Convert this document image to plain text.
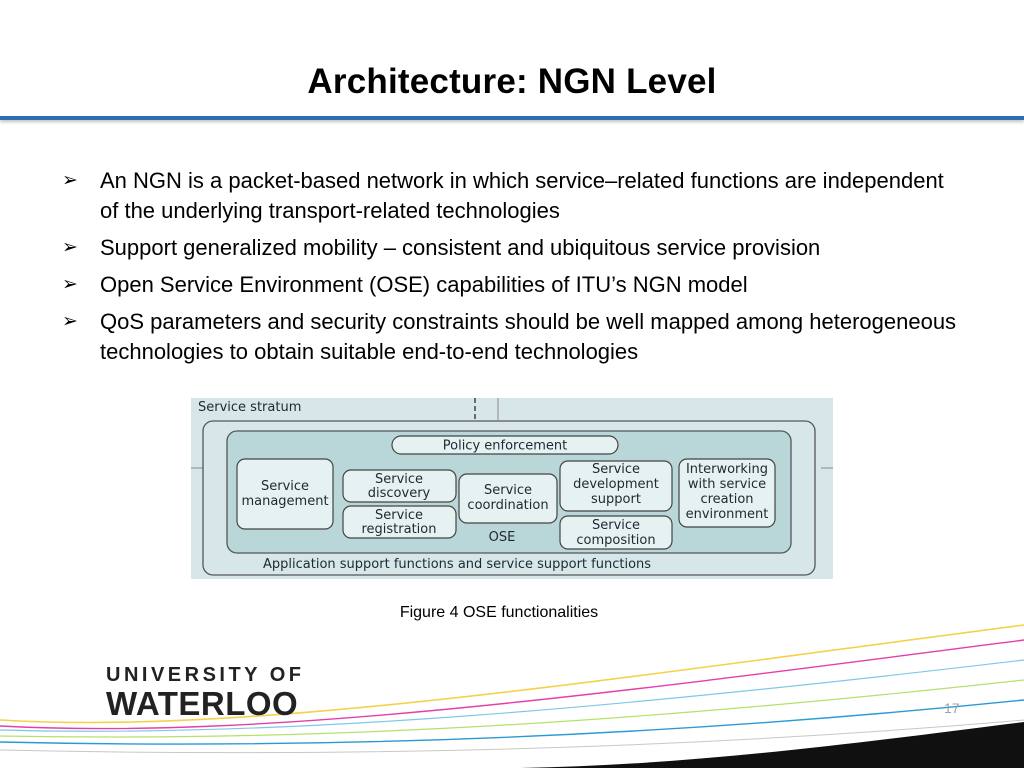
Architecture: NGN Level
➢ An NGN is a packet-based network in which service–related functions are independent of the underlying transport-related technologies
➢ Support generalized mobility – consistent and ubiquitous service provision
➢ Open Service Environment (OSE) capabilities of ITU’s NGN model
➢ QoS parameters and security constraints should be well mapped among heterogeneous technologies to obtain suitable end-to-end technologies
Service stratum
Policy enforcement
Service
management
Service
discovery
Service
registration
Service
coordination
OSE
Service
development
support
Service
composition
Interworking
with service
creation
environment
Application support functions and service support functions
Figure 4 OSE functionalities
UNIVERSITY OF
WATERLOO	17
